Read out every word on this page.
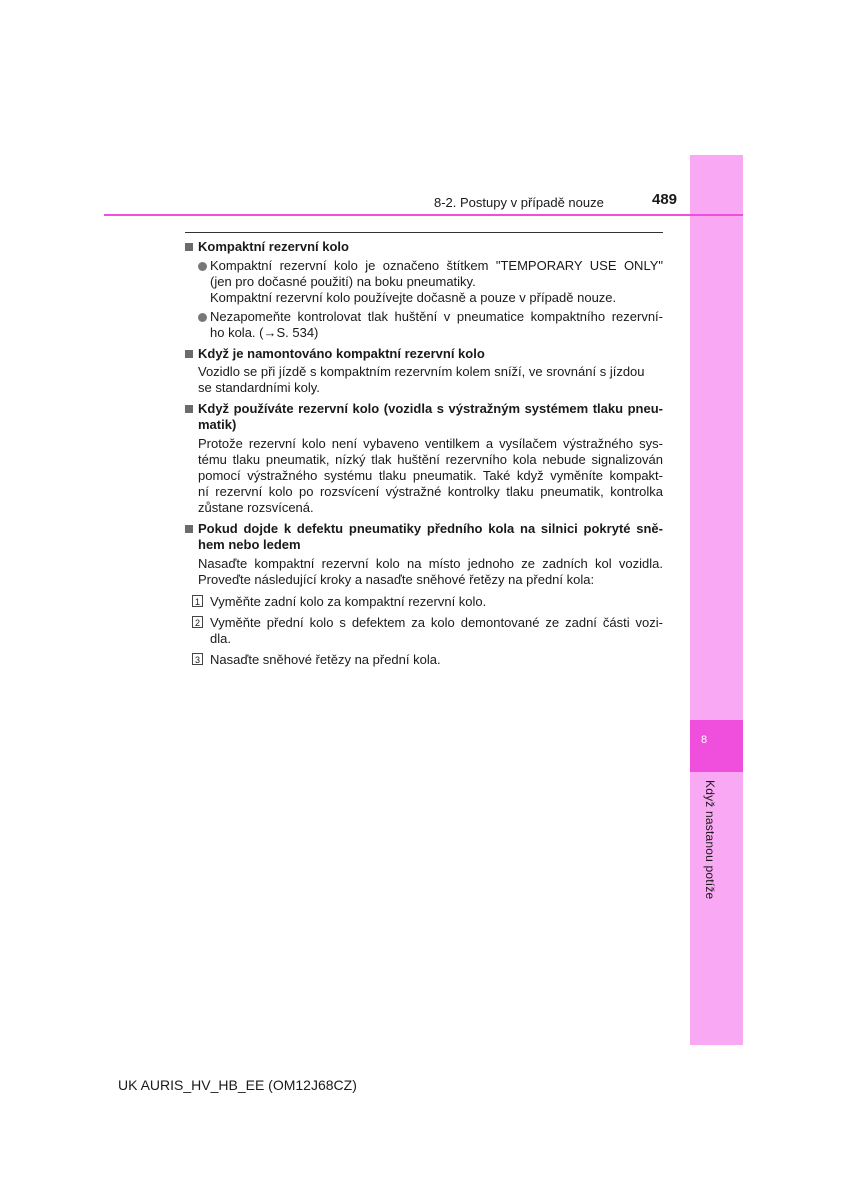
8
Když nastanou potíže
8-2. Postupy v případě nouze	489
Kompaktní rezervní kolo
Kompaktní rezervní kolo je označeno štítkem "TEMPORARY USE ONLY"
(jen pro dočasné použití) na boku pneumatiky.
Kompaktní rezervní kolo používejte dočasně a pouze v případě nouze.
Nezapomeňte kontrolovat tlak huštění v pneumatice kompaktního rezervní-
ho kola. (→S. 534)
Když je namontováno kompaktní rezervní kolo
Vozidlo se při jízdě s kompaktním rezervním kolem sníží, ve srovnání s jízdou
se standardními koly.
Když používáte rezervní kolo (vozidla s výstražným systémem tlaku pneu-
matik)
Protože rezervní kolo není vybaveno ventilkem a vysílačem výstražného sys-
tému tlaku pneumatik, nízký tlak huštění rezervního kola nebude signalizován
pomocí výstražného systému tlaku pneumatik. Také když vyměníte kompakt-
ní rezervní kolo po rozsvícení výstražné kontrolky tlaku pneumatik, kontrolka
zůstane rozsvícená.
Pokud dojde k defektu pneumatiky předního kola na silnici pokryté sně-
hem nebo ledem
Nasaďte kompaktní rezervní kolo na místo jednoho ze zadních kol vozidla.
Proveďte následující kroky a nasaďte sněhové řetězy na přední kola:
1 Vyměňte zadní kolo za kompaktní rezervní kolo.
2 Vyměňte přední kolo s defektem za kolo demontované ze zadní části vozi-
dla.
3 Nasaďte sněhové řetězy na přední kola.
UK AURIS_HV_HB_EE (OM12J68CZ)
